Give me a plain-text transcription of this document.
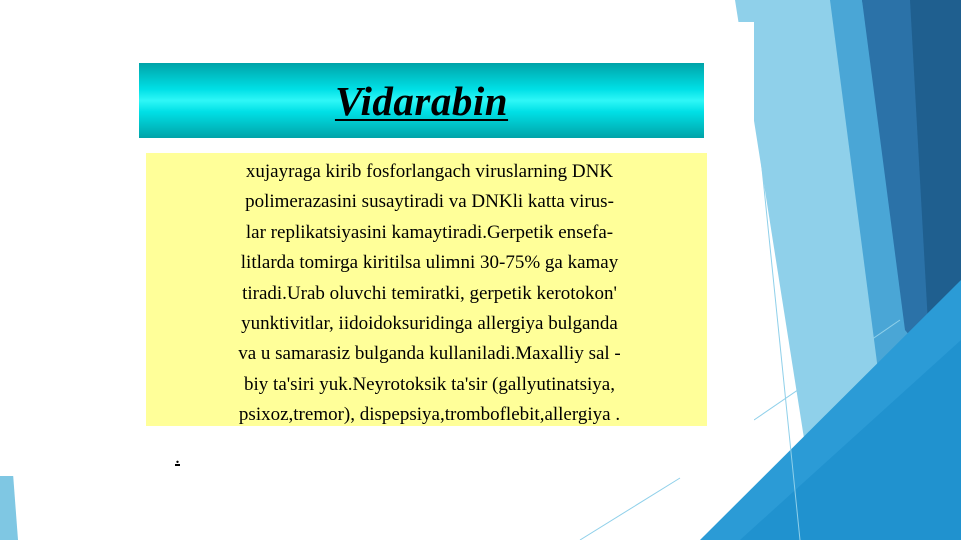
Vidarabin
xujayraga kirib fosforlangach viruslarning DNK
polimerazasini susaytiradi va DNKli katta virus-
lar replikatsiyasini kamaytiradi.Gerpetik ensefa-
litlarda tomirga kiritilsa ulimni 30-75% ga kamay
tiradi.Urab oluvchi temiratki, gerpetik kerotokon'
yunktivitlar, iidoidoksuridinga allergiya bulganda
va u samarasiz bulganda kullaniladi.Maxalliy sal -
biy ta'siri yuk.Neyrotoksik ta'sir (gallyutinatsiya,
psixoz,tremor), dispepsiya,tromboflebit,allergiya .
.
